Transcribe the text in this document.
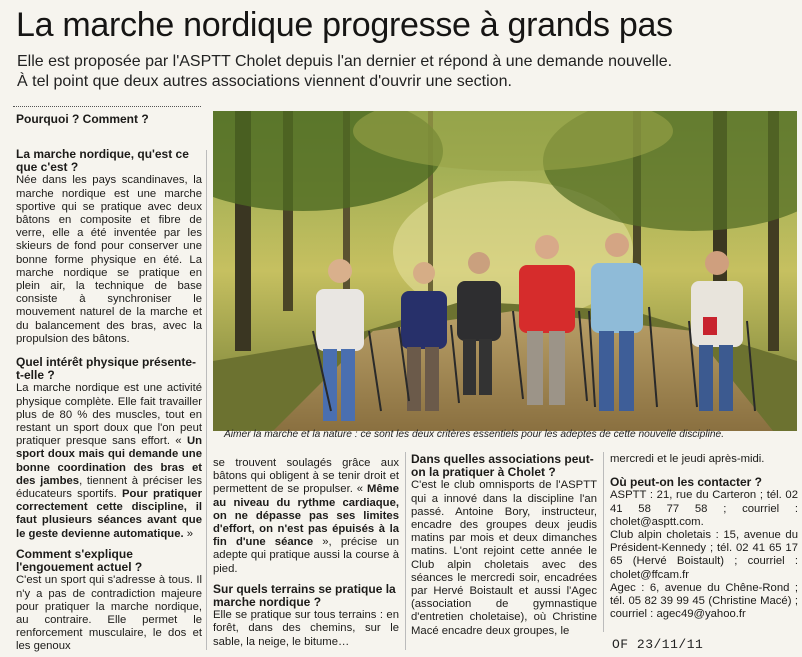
La marche nordique progresse à grands pas
Elle est proposée par l'ASPTT Cholet depuis l'an dernier et répond à une demande nouvelle.
À tel point que deux autres associations viennent d'ouvrir une section.
Pourquoi ? Comment ?
La marche nordique, qu'est ce que c'est ?

Née dans les pays scandinaves, la marche nordique est une marche sportive qui se pratique avec deux bâtons en composite et fibre de verre, elle a été inventée par les skieurs de fond pour conserver une bonne forme physique en été. La marche nordique se pratique en plein air, la technique de base consiste à synchroniser le mouvement naturel de la marche et du balancement des bras, avec la propulsion des bâtons.

Quel intérêt physique présente-t-elle ?

La marche nordique est une activité physique complète. Elle fait travailler plus de 80 % des muscles, tout en restant un sport doux que l'on peut pratiquer presque sans effort. « Un sport doux mais qui demande une bonne coordination des bras et des jambes, tiennent à préciser les éducateurs sportifs. Pour pratiquer correctement cette discipline, il faut plusieurs séances avant que le geste devienne automatique. »

Comment s'explique l'engouement actuel ?

C'est un sport qui s'adresse à tous. Il n'y a pas de contradiction majeure pour pratiquer la marche nordique, au contraire. Elle permet le renforcement musculaire, le dos et les genoux

Aimer la marche et la nature : ce sont les deux critères essentiels pour les adeptes de cette nouvelle discipline.

se trouvent soulagés grâce aux bâtons qui obligent à se tenir droit et permettent de se propulser. « Même au niveau du rythme cardiaque, on ne dépasse pas ses limites d'effort, on n'est pas épuisés à la fin d'une séance », précise un adepte qui pratique aussi la course à pied.

Sur quels terrains se pratique la marche nordique ?

Elle se pratique sur tous terrains : en forêt, dans des chemins, sur le sable, la neige, le bitume…

Dans quelles associations peut-on la pratiquer à Cholet ?

C'est le club omnisports de l'ASPTT qui a innové dans la discipline l'an passé. Antoine Bory, instructeur, encadre des groupes deux jeudis matins par mois et deux dimanches matins. L'ont rejoint cette année le Club alpin choletais avec des séances le mercredi soir, encadrées par Hervé Boistault et aussi l'Agec (association de gymnastique d'entretien choletaise), où Christine Macé encadre deux groupes, le

mercredi et le jeudi après-midi.

Où peut-on les contacter ?

ASPTT : 21, rue du Carteron ; tél. 02 41 58 77 58 ; courriel : cholet@asptt.com.

Club alpin choletais : 15, avenue du Président-Kennedy ; tél. 02 41 65 17 65 (Hervé Boistault) ; courriel : cholet@ffcam.fr

Agec : 6, avenue du Chêne-Rond ; tél. 05 82 39 99 45 (Christine Macé) ; courriel : agec49@yahoo.fr

OF 23/11/11
